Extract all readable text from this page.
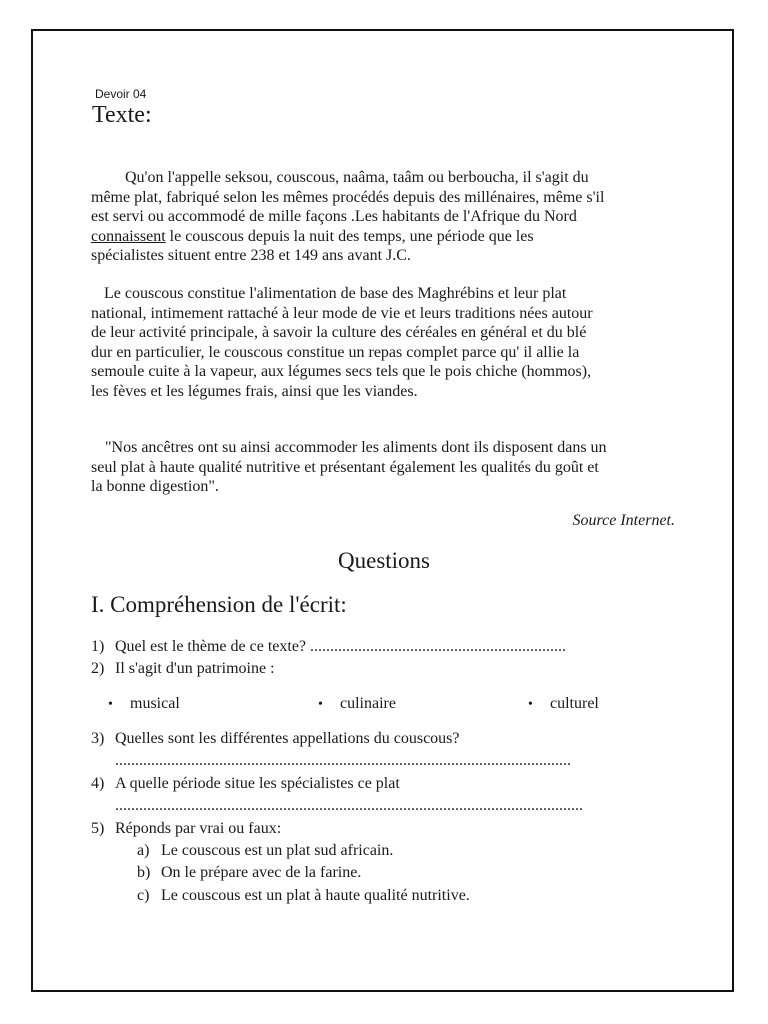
Devoir 04
Texte:
Qu'on l'appelle seksou, couscous, naâma, taâm ou berboucha, il s'agit du
même plat, fabriqué selon les mêmes procédés depuis des millénaires, même s'il
est servi ou accommodé de mille façons .Les habitants de l'Afrique du Nord
connaissent le couscous depuis la nuit des temps, une période que les
spécialistes situent entre 238 et 149 ans avant J.C.
Le couscous constitue l'alimentation de base des Maghrébins et leur plat
national, intimement rattaché à leur mode de vie et leurs traditions nées autour
de leur activité principale, à savoir la culture des céréales en général et du blé
dur en particulier, le couscous constitue un repas complet parce qu' il allie la
semoule cuite à la vapeur, aux légumes secs tels que le pois chiche (hommos),
les fèves et les légumes frais, ainsi que les viandes.
"Nos ancêtres ont su ainsi accommoder les aliments dont ils disposent dans un
seul plat à haute qualité nutritive et présentant également les qualités du goût et
la bonne digestion".
Source Internet.
Questions
I. Compréhension de l'écrit:
1) Quel est le thème de ce texte? ................................................................
2) Il s'agit d'un patrimoine :
• musical	• culinaire	• culturel
3) Quelles sont les différentes appellations du couscous?
..................................................................................................................
4) A quelle période situe les spécialistes ce plat
.....................................................................................................................
5) Réponds par vrai ou faux:
a) Le couscous est un plat sud africain.
b) On le prépare avec de la farine.
c) Le couscous est un plat à haute qualité nutritive.
